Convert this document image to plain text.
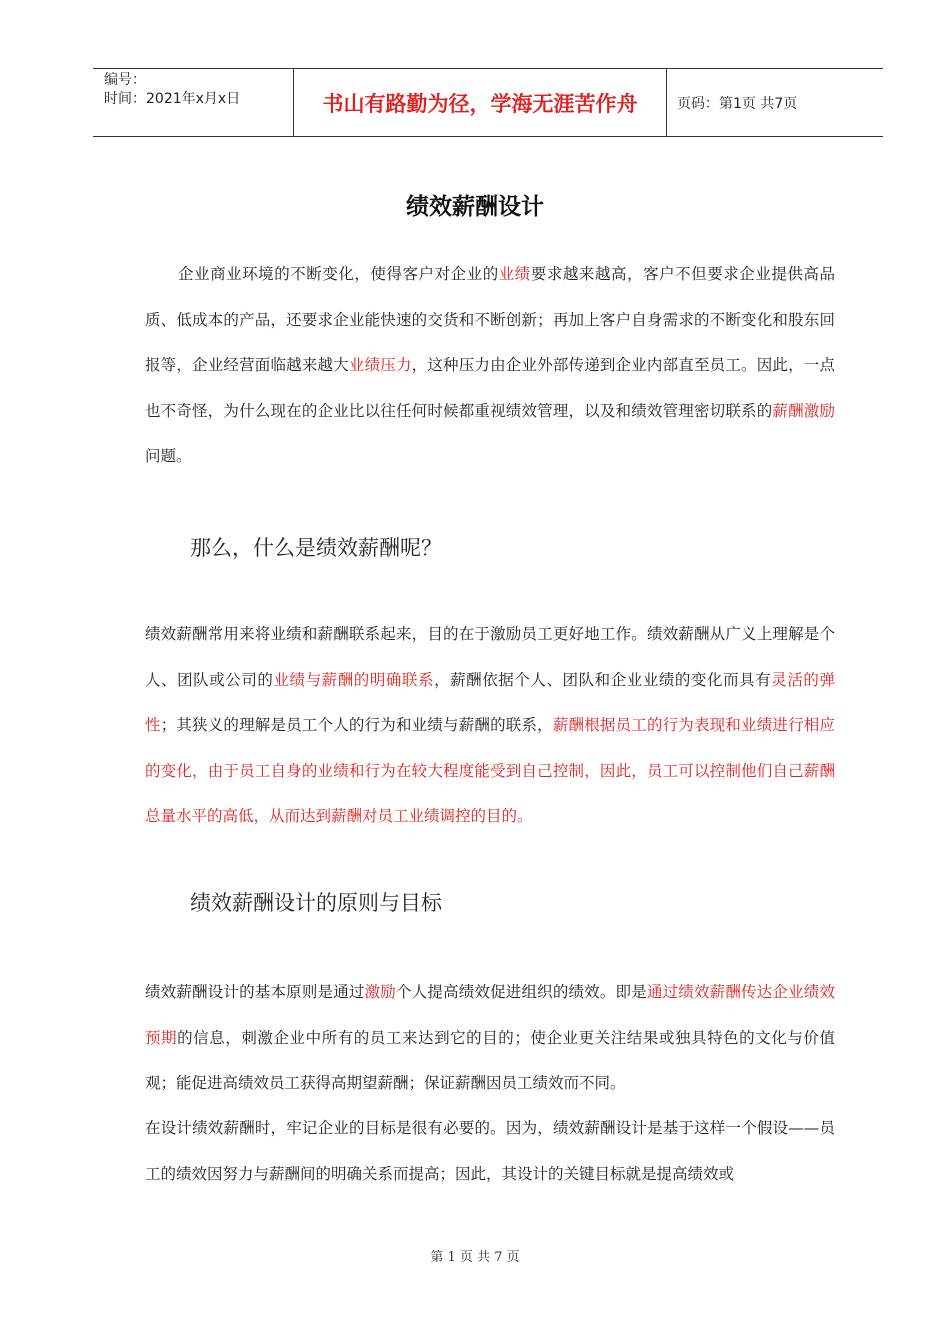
编号：
时间：2021年x月x日	书山有路勤为径，学海无涯苦作舟	页码：第1页 共7页
绩效薪酬设计

企业商业环境的不断变化，使得客户对企业的业绩要求越来越高，客户不但要求企业提供高品质、低成本的产品，还要求企业能快速的交货和不断创新；再加上客户自身需求的不断变化和股东回报等，企业经营面临越来越大业绩压力，这种压力由企业外部传递到企业内部直至员工。因此，一点也不奇怪，为什么现在的企业比以往任何时候都重视绩效管理，以及和绩效管理密切联系的薪酬激励问题。

那么，什么是绩效薪酬呢？

绩效薪酬常用来将业绩和薪酬联系起来，目的在于激励员工更好地工作。绩效薪酬从广义上理解是个人、团队或公司的业绩与薪酬的明确联系，薪酬依据个人、团队和企业业绩的变化而具有灵活的弹性；其狭义的理解是员工个人的行为和业绩与薪酬的联系，薪酬根据员工的行为表现和业绩进行相应的变化，由于员工自身的业绩和行为在较大程度能受到自己控制，因此，员工可以控制他们自己薪酬总量水平的高低，从而达到薪酬对员工业绩调控的目的。

绩效薪酬设计的原则与目标

绩效薪酬设计的基本原则是通过激励个人提高绩效促进组织的绩效。即是通过绩效薪酬传达企业绩效预期的信息，刺激企业中所有的员工来达到它的目的；使企业更关注结果或独具特色的文化与价值观；能促进高绩效员工获得高期望薪酬；保证薪酬因员工绩效而不同。

在设计绩效薪酬时，牢记企业的目标是很有必要的。因为，绩效薪酬设计是基于这样一个假设——员工的绩效因努力与薪酬间的明确关系而提高；因此，其设计的关键目标就是提高绩效或

第 1 页 共 7 页
